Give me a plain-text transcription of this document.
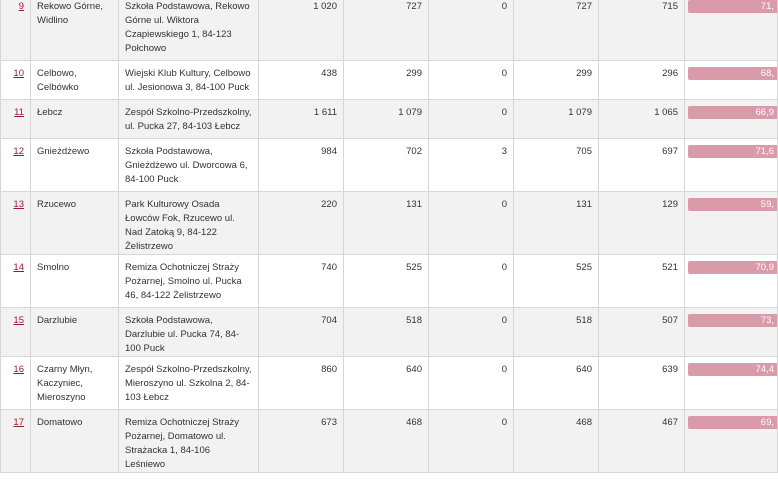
9	Rekowo Górne, Widlino	Szkoła Podstawowa, Rekowo Górne ul. Wiktora Czapiewskiego 1, 84-123 Połchowo	1 020	727	0	727	715	71,

10	Celbowo, Celbówko	Wiejski Klub Kultury, Celbowo ul. Jesionowa 3, 84-100 Puck	438	299	0	299	296	68,

11	Łebcz	Zespół Szkolno-Przedszkolny, ul. Pucka 27, 84-103 Łebcz	1 611	1 079	0	1 079	1 065	66,9

12	Gnieżdżewo	Szkoła Podstawowa, Gnieżdżewo ul. Dworcowa 6, 84-100 Puck	984	702	3	705	697	71,6

13	Rzucewo	Park Kulturowy Osada Łowców Fok, Rzucewo ul. Nad Zatoką 9, 84-122 Żelistrzewo	220	131	0	131	129	59,

14	Smolno	Remiza Ochotniczej Straży Pożarnej, Smolno ul. Pucka 46, 84-122 Żelistrzewo	740	525	0	525	521	70,9

15	Darzlubie	Szkoła Podstawowa, Darzlubie ul. Pucka 74, 84-100 Puck	704	518	0	518	507	73,

16	Czarny Młyn, Kaczyniec, Mieroszyno	Zespół Szkolno-Przedszkolny, Mieroszyno ul. Szkolna 2, 84-103 Łebcz	860	640	0	640	639	74,4

17	Domatowo	Remiza Ochotniczej Straży Pożarnej, Domatowo ul. Strażacka 1, 84-106 Leśniewo	673	468	0	468	467	69,
